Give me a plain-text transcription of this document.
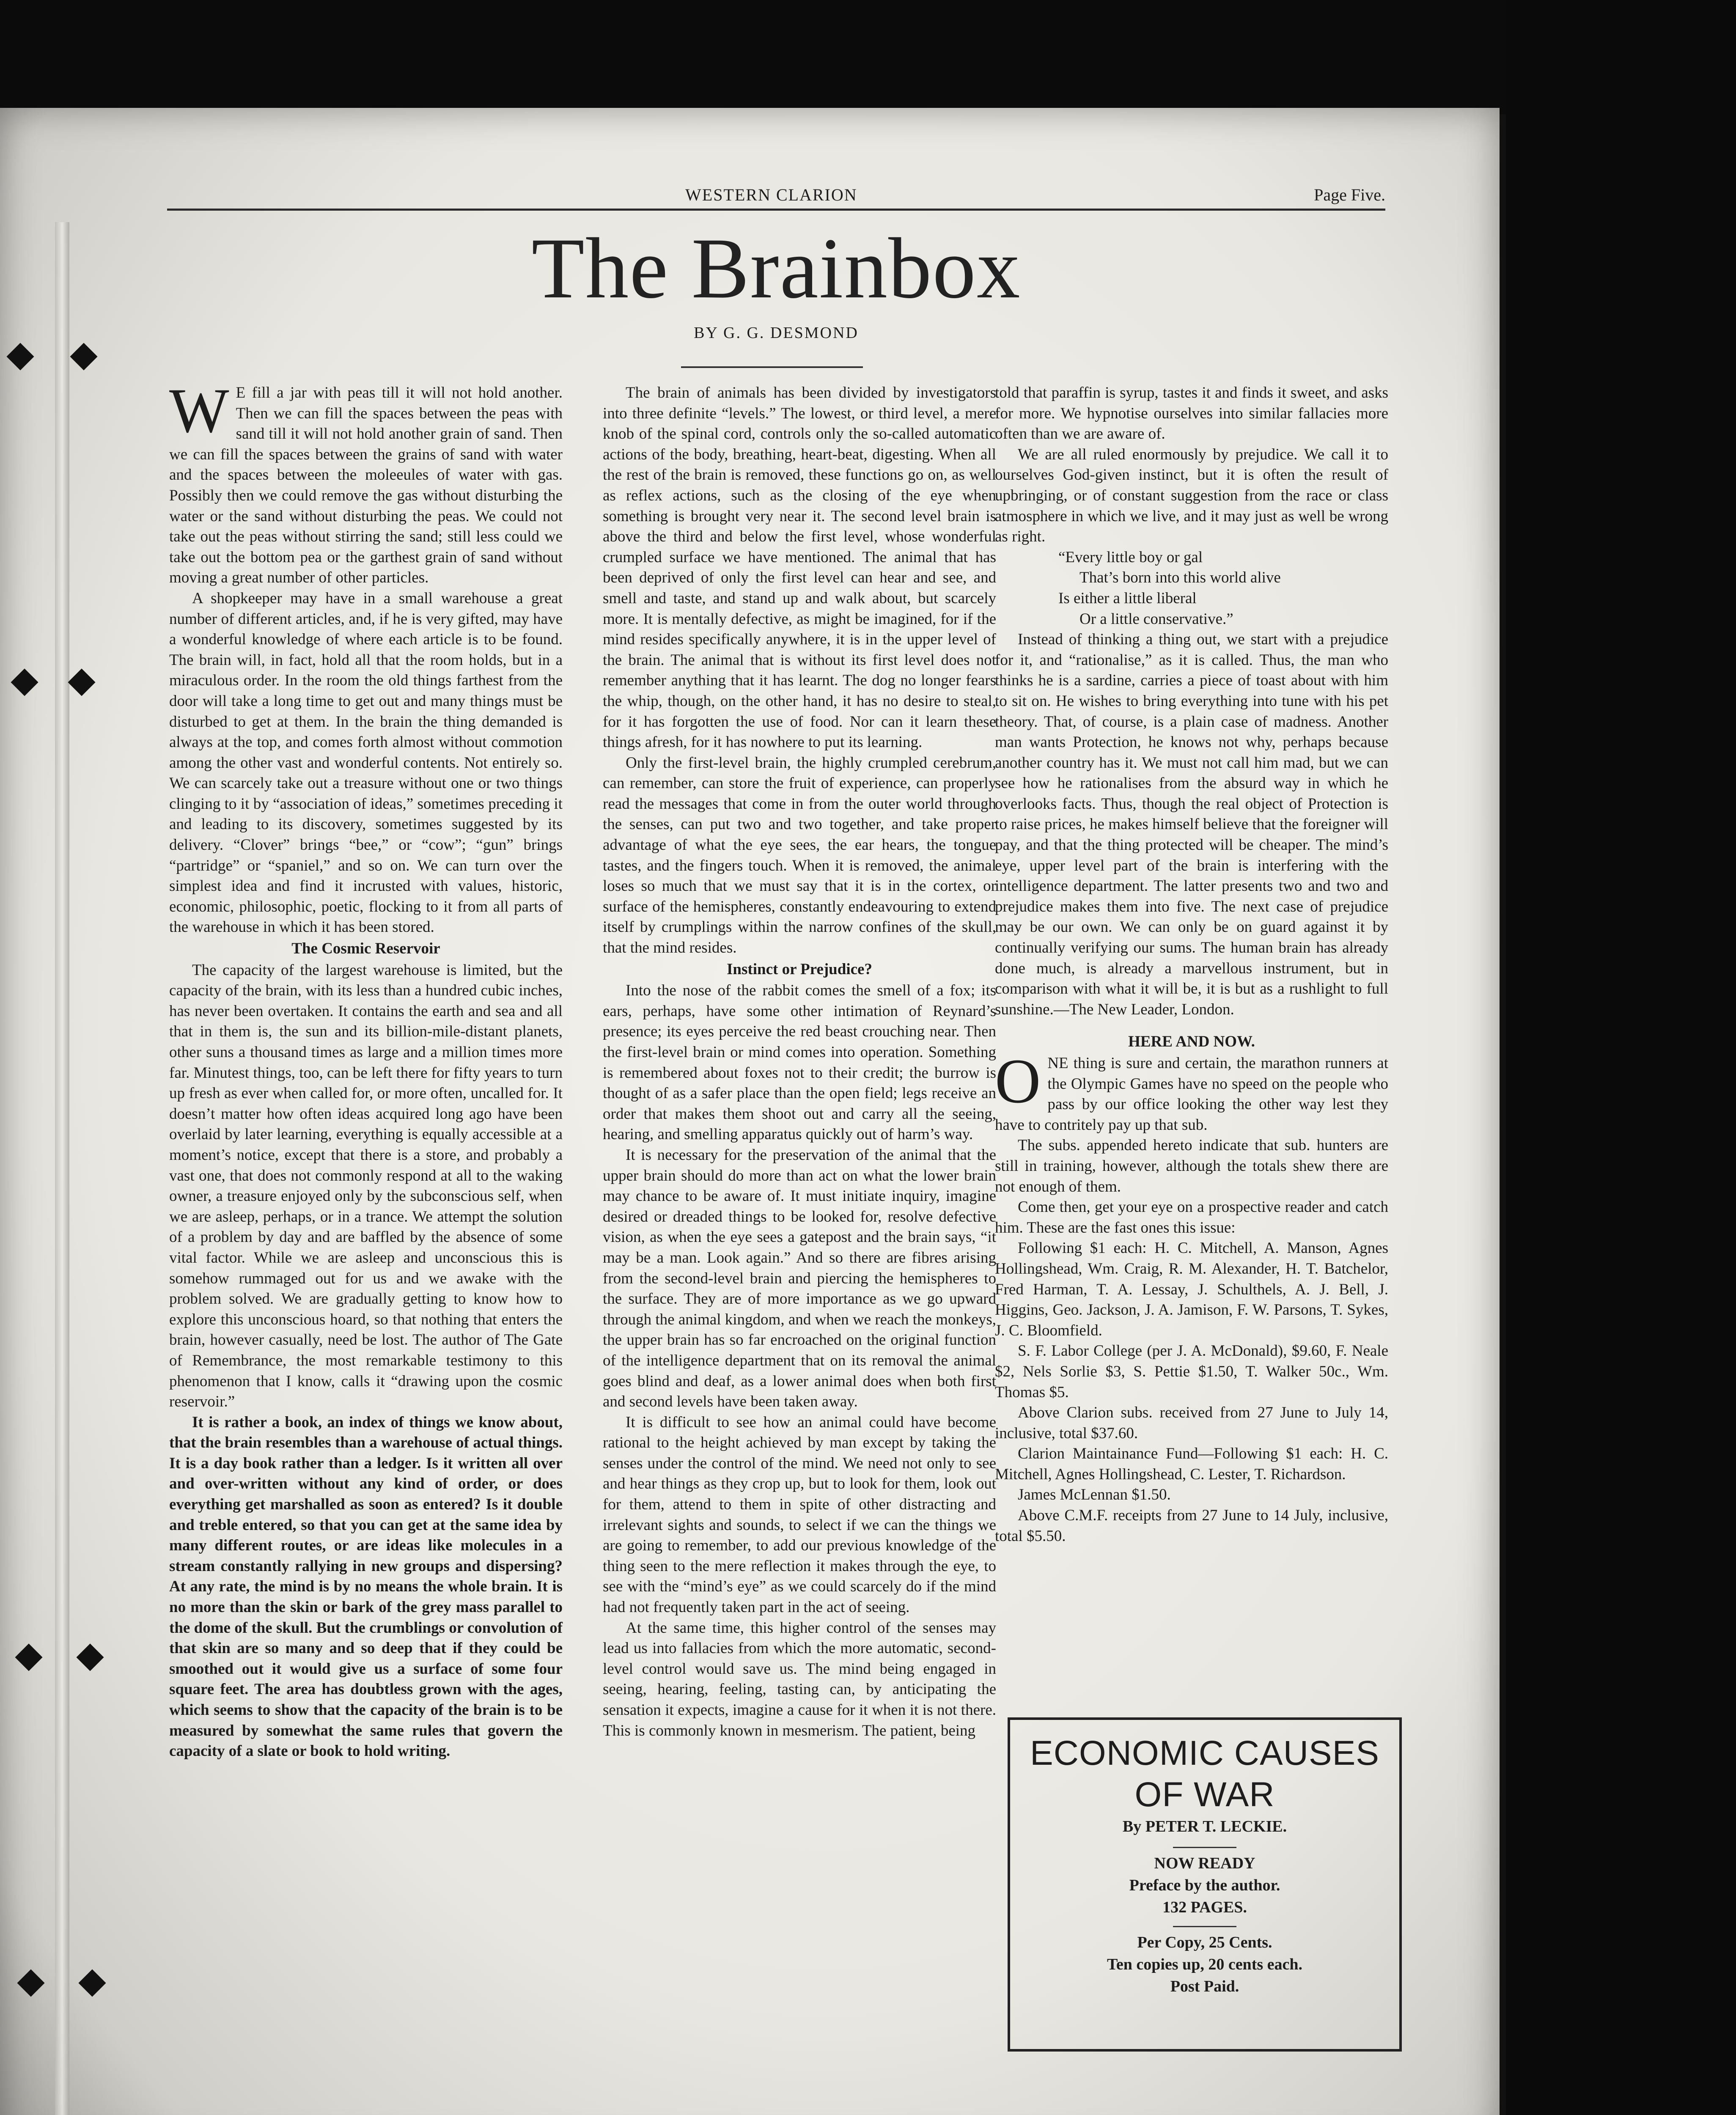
WESTERN CLARION	Page Five.
The Brainbox
BY G. G. DESMOND

W E fill a jar with peas till it will not hold another. Then we can fill the spaces between the peas with sand till it will not hold another grain of sand. Then we can fill the spaces between the grains of sand with water and the spaces between the moleeules of water with gas. Possibly then we could remove the gas without disturbing the water or the sand without disturbing the peas. We could not take out the peas without stirring the sand; still less could we take out the bottom pea or the garthest grain of sand without moving a great number of other particles.

A shopkeeper may have in a small warehouse a great number of different articles, and, if he is very gifted, may have a wonderful knowledge of where each article is to be found. The brain will, in fact, hold all that the room holds, but in a miraculous order. In the room the old things farthest from the door will take a long time to get out and many things must be disturbed to get at them. In the brain the thing demanded is always at the top, and comes forth almost without commotion among the other vast and wonderful contents. Not entirely so. We can scarcely take out a treasure without one or two things clinging to it by “association of ideas,” sometimes preceding it and leading to its discovery, sometimes suggested by its delivery. “Clover” brings “bee,” or “cow”; “gun” brings “partridge” or “spaniel,” and so on. We can turn over the simplest idea and find it incrusted with values, historic, economic, philosophic, poetic, flocking to it from all parts of the warehouse in which it has been stored.

The Cosmic Reservoir

The capacity of the largest warehouse is limited, but the capacity of the brain, with its less than a hundred cubic inches, has never been overtaken. It contains the earth and sea and all that in them is, the sun and its billion-mile-distant planets, other suns a thousand times as large and a million times more far. Minutest things, too, can be left there for fifty years to turn up fresh as ever when called for, or more often, uncalled for. It doesn’t matter how often ideas acquired long ago have been overlaid by later learning, everything is equally accessible at a moment’s notice, except that there is a store, and probably a vast one, that does not commonly respond at all to the waking owner, a treasure enjoyed only by the subconscious self, when we are asleep, perhaps, or in a trance. We attempt the solution of a problem by day and are baffled by the absence of some vital factor. While we are asleep and unconscious this is somehow rummaged out for us and we awake with the problem solved. We are gradually getting to know how to explore this unconscious hoard, so that nothing that enters the brain, however casually, need be lost. The author of The Gate of Remembrance, the most remarkable testimony to this phenomenon that I know, calls it “drawing upon the cosmic reservoir.”

It is rather a book, an index of things we know about, that the brain resembles than a warehouse of actual things. It is a day book rather than a ledger. Is it written all over and over-written without any kind of order, or does everything get marshalled as soon as entered? Is it double and treble entered, so that you can get at the same idea by many different routes, or are ideas like molecules in a stream constantly rallying in new groups and dispersing? At any rate, the mind is by no means the whole brain. It is no more than the skin or bark of the grey mass parallel to the dome of the skull. But the crumblings or convolution of that skin are so many and so deep that if they could be smoothed out it would give us a surface of some four square feet. The area has doubtless grown with the ages, which seems to show that the capacity of the brain is to be measured by somewhat the same rules that govern the capacity of a slate or book to hold writing.

The brain of animals has been divided by investigators into three definite “levels.” The lowest, or third level, a mere knob of the spinal cord, controls only the so-called automatic actions of the body, breathing, heart-beat, digesting. When all the rest of the brain is removed, these functions go on, as well as reflex actions, such as the closing of the eye when something is brought very near it. The second level brain is above the third and below the first level, whose wonderful crumpled surface we have mentioned. The animal that has been deprived of only the first level can hear and see, and smell and taste, and stand up and walk about, but scarcely more. It is mentally defective, as might be imagined, for if the mind resides specifically anywhere, it is in the upper level of the brain. The animal that is without its first level does not remember anything that it has learnt. The dog no longer fears the whip, though, on the other hand, it has no desire to steal, for it has forgotten the use of food. Nor can it learn these things afresh, for it has nowhere to put its learning.

Only the first-level brain, the highly crumpled cerebrum, can remember, can store the fruit of experience, can properly read the messages that come in from the outer world through the senses, can put two and two together, and take proper advantage of what the eye sees, the ear hears, the tongue tastes, and the fingers touch. When it is removed, the animal loses so much that we must say that it is in the cortex, or surface of the hemispheres, constantly endeavouring to extend itself by crumplings within the narrow confines of the skull, that the mind resides.

Instinct or Prejudice?

Into the nose of the rabbit comes the smell of a fox; its ears, perhaps, have some other intimation of Reynard’s presence; its eyes perceive the red beast crouching near. Then the first-level brain or mind comes into operation. Something is remembered about foxes not to their credit; the burrow is thought of as a safer place than the open field; legs receive an order that makes them shoot out and carry all the seeing, hearing, and smelling apparatus quickly out of harm’s way.

It is necessary for the preservation of the animal that the upper brain should do more than act on what the lower brain may chance to be aware of. It must initiate inquiry, imagine desired or dreaded things to be looked for, resolve defective vision, as when the eye sees a gatepost and the brain says, “it may be a man. Look again.” And so there are fibres arising from the second-level brain and piercing the hemispheres to the surface. They are of more importance as we go upward through the animal kingdom, and when we reach the monkeys, the upper brain has so far encroached on the original function of the intelligence department that on its removal the animal goes blind and deaf, as a lower animal does when both first and second levels have been taken away.

It is difficult to see how an animal could have become rational to the height achieved by man except by taking the senses under the control of the mind. We need not only to see and hear things as they crop up, but to look for them, look out for them, attend to them in spite of other distracting and irrelevant sights and sounds, to select if we can the things we are going to remember, to add our previous knowledge of the thing seen to the mere reflection it makes through the eye, to see with the “mind’s eye” as we could scarcely do if the mind had not frequently taken part in the act of seeing.

At the same time, this higher control of the senses may lead us into fallacies from which the more automatic, second-level control would save us. The mind being engaged in seeing, hearing, feeling, tasting can, by anticipating the sensation it expects, imagine a cause for it when it is not there. This is commonly known in mesmerism. The patient, being

told that paraffin is syrup, tastes it and finds it sweet, and asks for more. We hypnotise ourselves into similar fallacies more often than we are aware of.

We are all ruled enormously by prejudice. We call it to ourselves God-given instinct, but it is often the result of upbringing, or of constant suggestion from the race or class atmosphere in which we live, and it may just as well be wrong as right.

“Every little boy or gal

That’s born into this world alive

Is either a little liberal

Or a little conservative.”

Instead of thinking a thing out, we start with a prejudice for it, and “rationalise,” as it is called. Thus, the man who thinks he is a sardine, carries a piece of toast about with him to sit on. He wishes to bring everything into tune with his pet theory. That, of course, is a plain case of madness. Another man wants Protection, he knows not why, perhaps because another country has it. We must not call him mad, but we can see how he rationalises from the absurd way in which he overlooks facts. Thus, though the real object of Protection is to raise prices, he makes himself believe that the foreigner will pay, and that the thing protected will be cheaper. The mind’s eye, upper level part of the brain is interfering with the intelligence department. The latter presents two and two and prejudice makes them into five. The next case of prejudice may be our own. We can only be on guard against it by continually verifying our sums. The human brain has already done much, is already a marvellous instrument, but in comparison with what it will be, it is but as a rushlight to full sunshine.—The New Leader, London.

HERE AND NOW.

ONE thing is sure and certain, the marathon runners at the Olympic Games have no speed on the people who pass by our office looking the other way lest they have to contritely pay up that sub.

The subs. appended hereto indicate that sub. hunters are still in training, however, although the totals shew there are not enough of them.

Come then, get your eye on a prospective reader and catch him. These are the fast ones this issue:

Following $1 each: H. C. Mitchell, A. Manson, Agnes Hollingshead, Wm. Craig, R. M. Alexander, H. T. Batchelor, Fred Harman, T. A. Lessay, J. Schulthels, A. J. Bell, J. Higgins, Geo. Jackson, J. A. Jamison, F. W. Parsons, T. Sykes, J. C. Bloomfield.

S. F. Labor College (per J. A. McDonald), $9.60, F. Neale $2, Nels Sorlie $3, S. Pettie $1.50, T. Walker 50c., Wm. Thomas $5.

Above Clarion subs. received from 27 June to July 14, inclusive, total $37.60.

Clarion Maintainance Fund—Following $1 each: H. C. Mitchell, Agnes Hollingshead, C. Lester, T. Richardson.

James McLennan $1.50.

Above C.M.F. receipts from 27 June to 14 July, inclusive, total $5.50.

ECONOMIC CAUSES
OF WAR
By PETER T. LECKIE.
NOW READY
Preface by the author.
132 PAGES.
Per Copy, 25 Cents.
Ten copies up, 20 cents each.
Post Paid.
